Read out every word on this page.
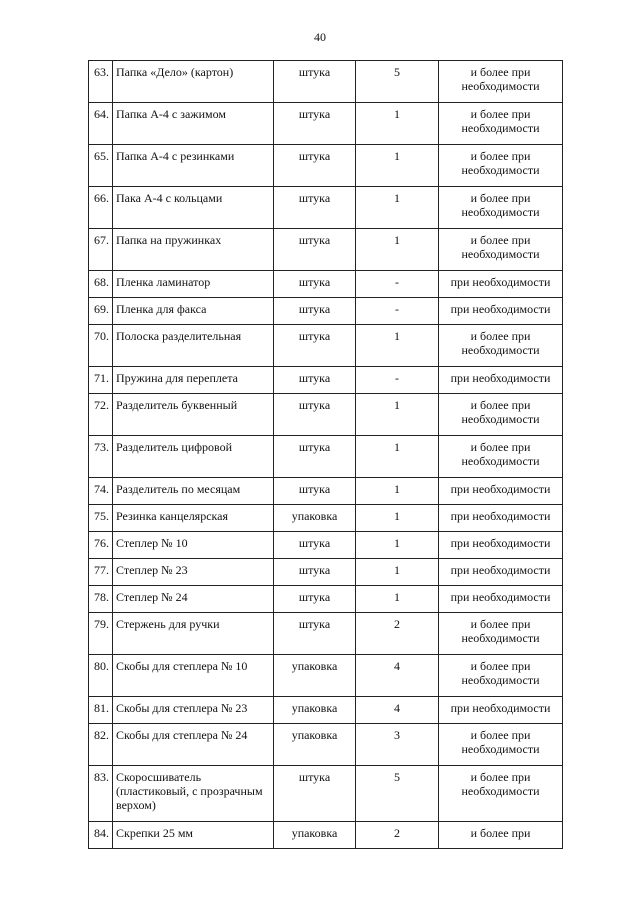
40
63.	Папка «Дело» (картон)	штука	5	и более при необходимости
64.	Папка А-4 с зажимом	штука	1	и более при необходимости
65.	Папка А-4 с резинками	штука	1	и более при необходимости
66.	Пака А-4 с кольцами	штука	1	и более при необходимости
67.	Папка на пружинках	штука	1	и более при необходимости
68.	Пленка ламинатор	штука	-	при необходимости
69.	Пленка для факса	штука	-	при необходимости
70.	Полоска разделительная	штука	1	и более при необходимости
71.	Пружина для переплета	штука	-	при необходимости
72.	Разделитель буквенный	штука	1	и более при необходимости
73.	Разделитель цифровой	штука	1	и более при необходимости
74.	Разделитель по месяцам	штука	1	при необходимости
75.	Резинка канцелярская	упаковка	1	при необходимости
76.	Степлер № 10	штука	1	при необходимости
77.	Степлер № 23	штука	1	при необходимости
78.	Степлер № 24	штука	1	при необходимости
79.	Стержень для ручки	штука	2	и более при необходимости
80.	Скобы для степлера № 10	упаковка	4	и более при необходимости
81.	Скобы для степлера № 23	упаковка	4	при необходимости
82.	Скобы для степлера № 24	упаковка	3	и более при необходимости
83.	Скоросшиватель (пластиковый, с прозрачным верхом)	штука	5	и более при необходимости
84.	Скрепки 25 мм	упаковка	2	и более при
